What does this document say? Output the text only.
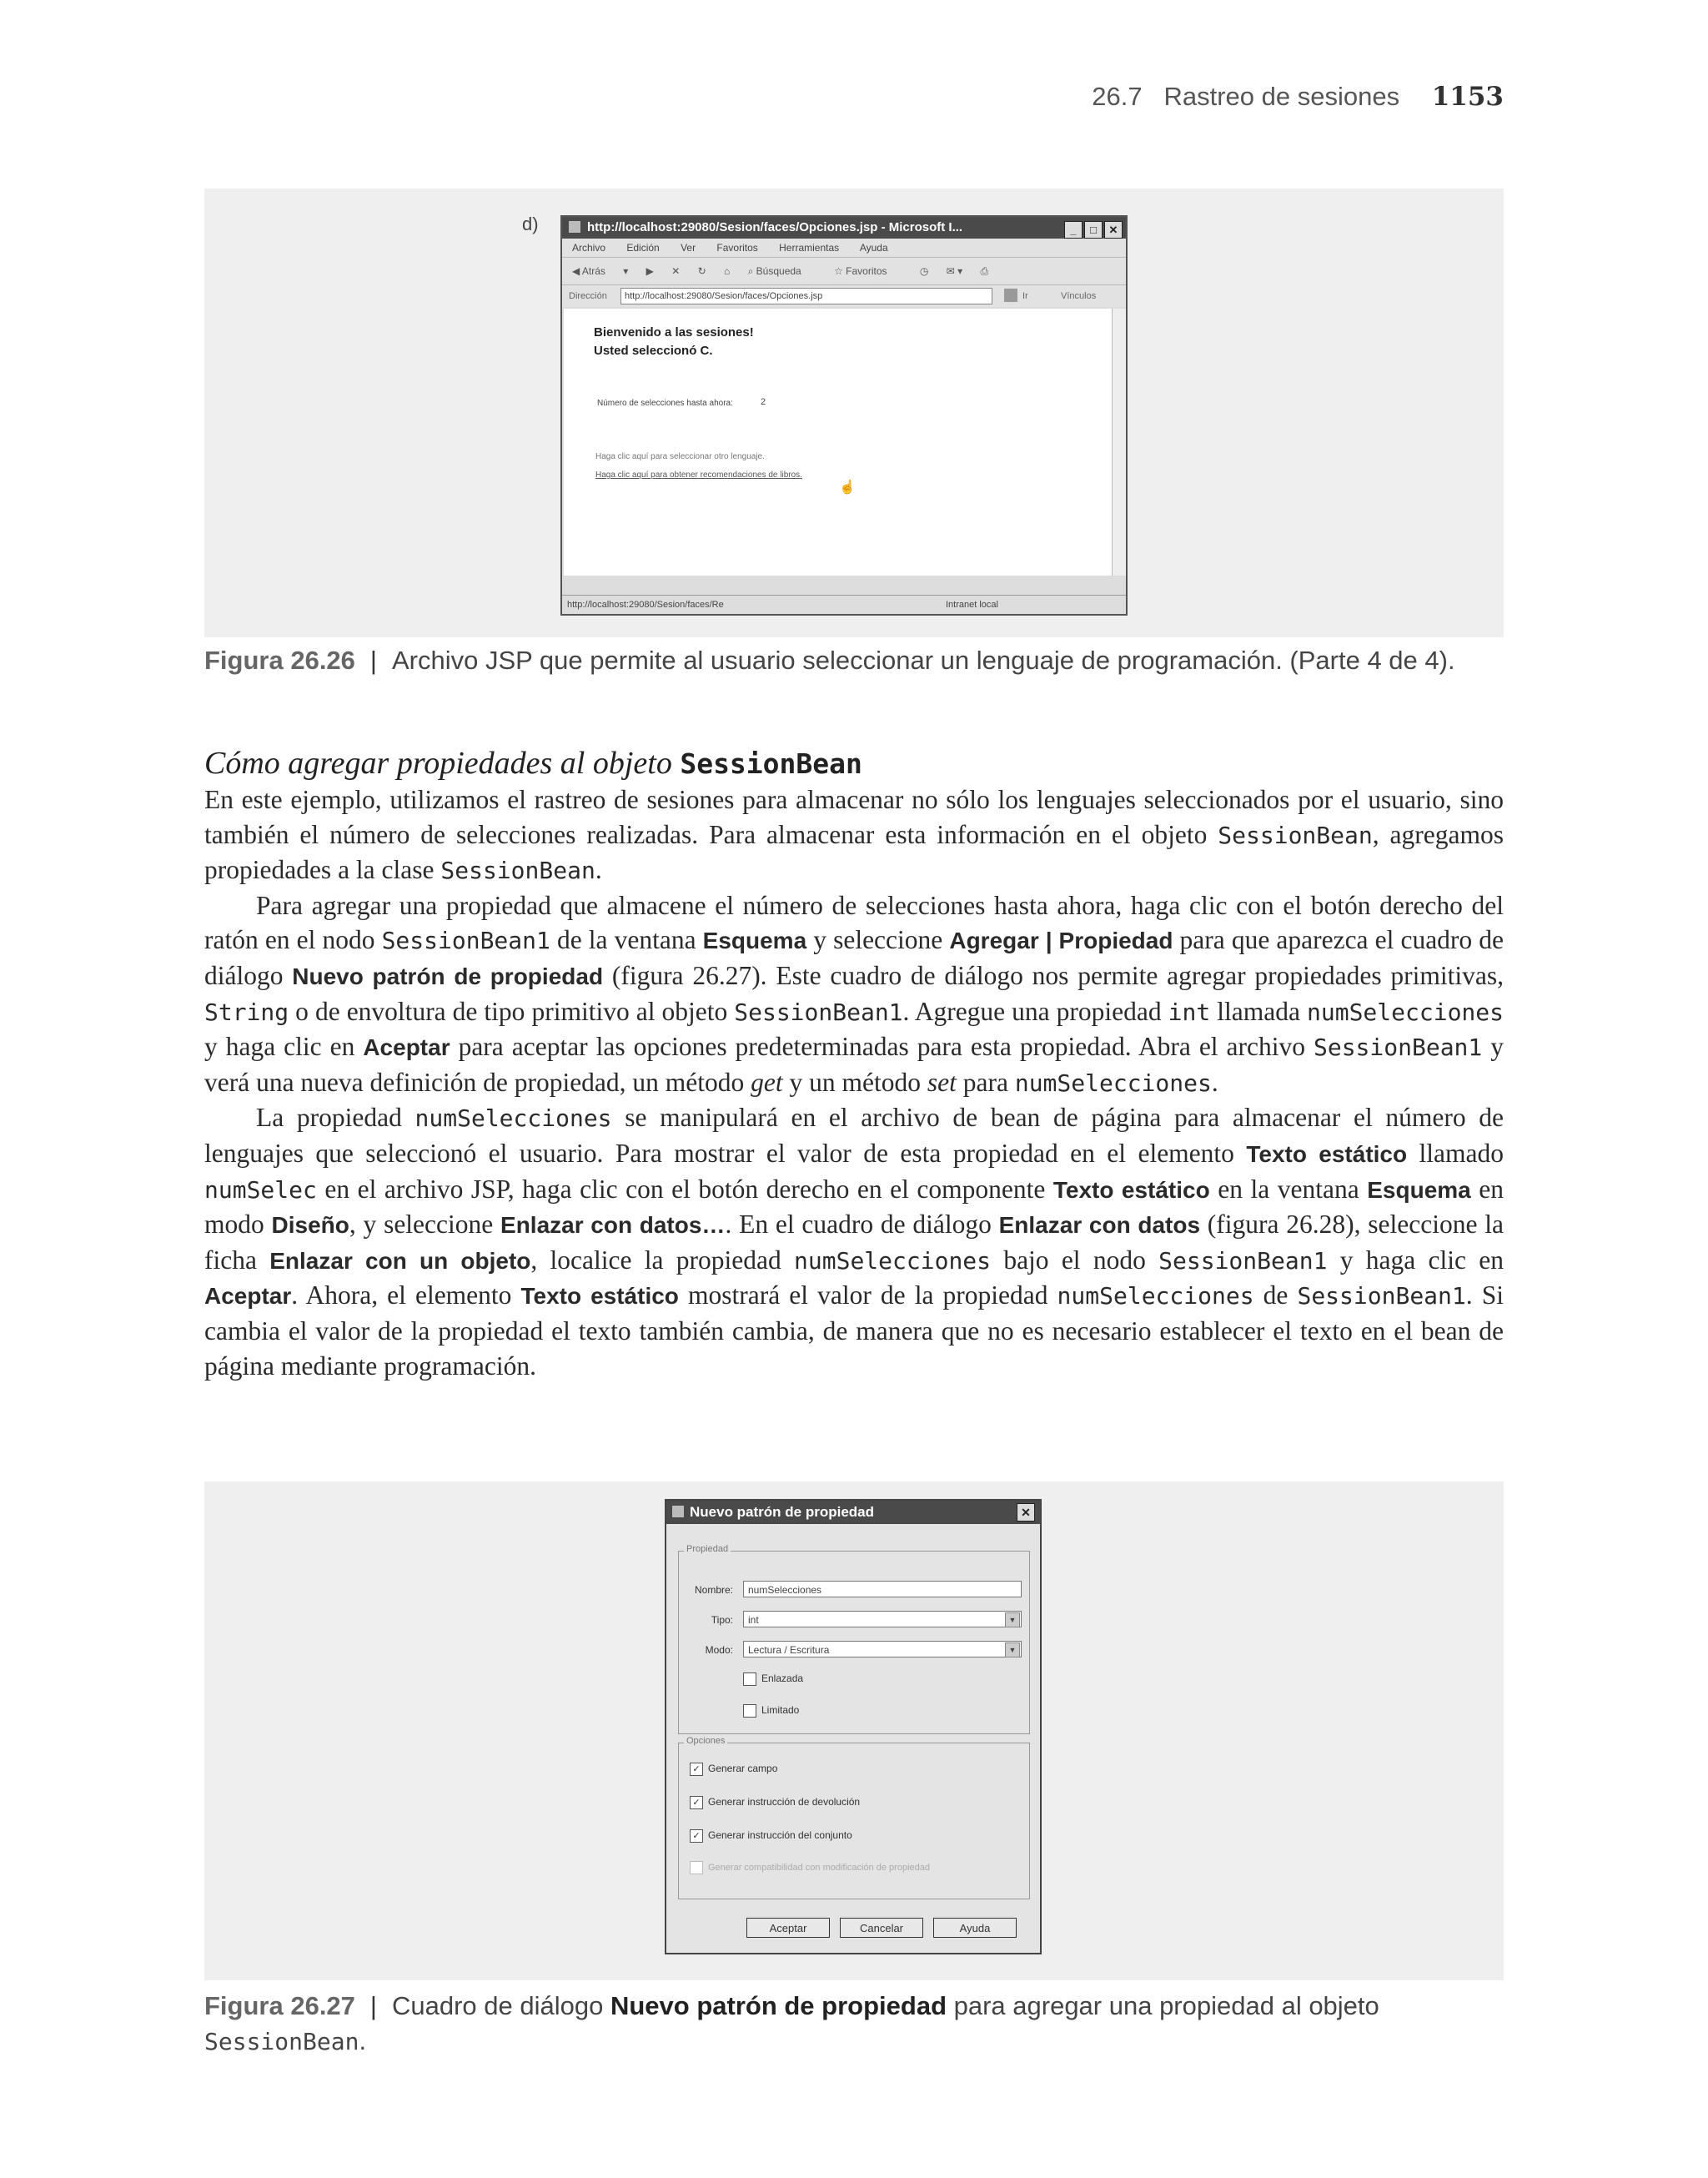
26.7 Rastreo de sesiones 1153
d)	http://localhost:29080/Sesion/faces/Opciones.jsp - Microsoft I...	_ □ ✕
Archivo Edición Ver Favoritos Herramientas Ayuda
◀ Atrás ▾ ▶ ✕ ↻ ⌂ ⌕ Búsqueda	☆ Favoritos	◷ ✉ ▾ ⎙
Dirección	http://localhost:29080/Sesion/faces/Opciones.jsp	Ir	Vínculos
Bienvenido a las sesiones!
Usted seleccionó C.
Número de selecciones hasta ahora:	2
Haga clic aquí para seleccionar otro lenguaje.
Haga clic aquí para obtener recomendaciones de libros.
☝
http://localhost:29080/Sesion/faces/Re	Intranet local
Figura 26.26 | Archivo JSP que permite al usuario seleccionar un lenguaje de programación. (Parte 4 de 4).
Cómo agregar propiedades al objeto SessionBean

En este ejemplo, utilizamos el rastreo de sesiones para almacenar no sólo los lenguajes seleccionados por el usuario, sino también el número de selecciones realizadas. Para almacenar esta información en el objeto SessionBean, agregamos propiedades a la clase SessionBean.

Para agregar una propiedad que almacene el número de selecciones hasta ahora, haga clic con el botón derecho del ratón en el nodo SessionBean1 de la ventana Esquema y seleccione Agregar | Propiedad para que aparezca el cuadro de diálogo Nuevo patrón de propiedad (figura 26.27). Este cuadro de diálogo nos permite agregar propiedades primitivas, String o de envoltura de tipo primitivo al objeto SessionBean1. Agregue una propiedad int llamada numSelecciones y haga clic en Aceptar para aceptar las opciones predeterminadas para esta propiedad. Abra el archivo SessionBean1 y verá una nueva definición de propiedad, un método get y un método set para numSelecciones.

La propiedad numSelecciones se manipulará en el archivo de bean de página para almacenar el número de lenguajes que seleccionó el usuario. Para mostrar el valor de esta propiedad en el elemento Texto estático llamado numSelec en el archivo JSP, haga clic con el botón derecho en el componente Texto estático en la ventana Esquema en modo Diseño, y seleccione Enlazar con datos…. En el cuadro de diálogo Enlazar con datos (figura 26.28), seleccione la ficha Enlazar con un objeto, localice la propiedad numSelecciones bajo el nodo SessionBean1 y haga clic en Aceptar. Ahora, el elemento Texto estático mostrará el valor de la propiedad numSelecciones de SessionBean1. Si cambia el valor de la propiedad el texto también cambia, de manera que no es necesario establecer el texto en el bean de página mediante programación.

Nuevo patrón de propiedad	✕
Propiedad
Nombre:	numSelecciones
Tipo:	int	▼
Modo:	Lectura / Escritura	▼
Enlazada
Limitado
Opciones
✓ Generar campo
✓ Generar instrucción de devolución
✓ Generar instrucción del conjunto
Generar compatibilidad con modificación de propiedad
Aceptar	Cancelar	Ayuda
Figura 26.27 | Cuadro de diálogo Nuevo patrón de propiedad para agregar una propiedad al objeto
SessionBean.
